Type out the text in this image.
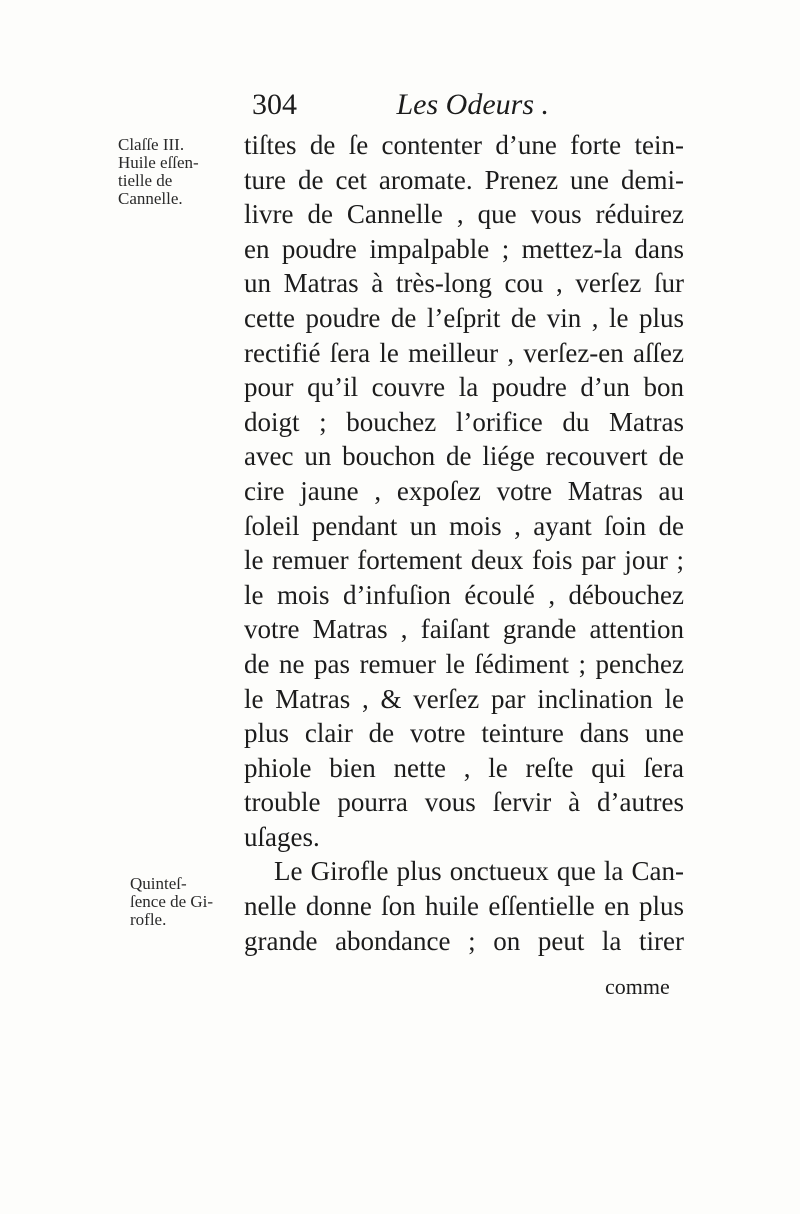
304	Les Odeurs .
Claſſe III.
Huile eſſen-
tielle de
Cannelle.
Quinteſ-
ſence de Gi-
rofle.
tiſtes de ſe contenter d’une forte tein-
ture de cet aromate. Prenez une demi-
livre de Cannelle , que vous réduirez
en poudre impalpable ; mettez-la dans
un Matras à très-long cou , verſez ſur
cette poudre de l’eſprit de vin , le plus
rectifié ſera le meilleur , verſez-en aſſez
pour qu’il couvre la poudre d’un bon
doigt ; bouchez l’orifice du Matras
avec un bouchon de liége recouvert de
cire jaune , expoſez votre Matras au
ſoleil pendant un mois , ayant ſoin de
le remuer fortement deux fois par jour ;
le mois d’infuſion écoulé , débouchez
votre Matras , faiſant grande attention
de ne pas remuer le ſédiment ; penchez
le Matras , & verſez par inclination le
plus clair de votre teinture dans une
phiole bien nette , le reſte qui ſera
trouble pourra vous ſervir à d’autres
uſages.
Le Girofle plus onctueux que la Can-
nelle donne ſon huile eſſentielle en plus
grande abondance ; on peut la tirer
comme
